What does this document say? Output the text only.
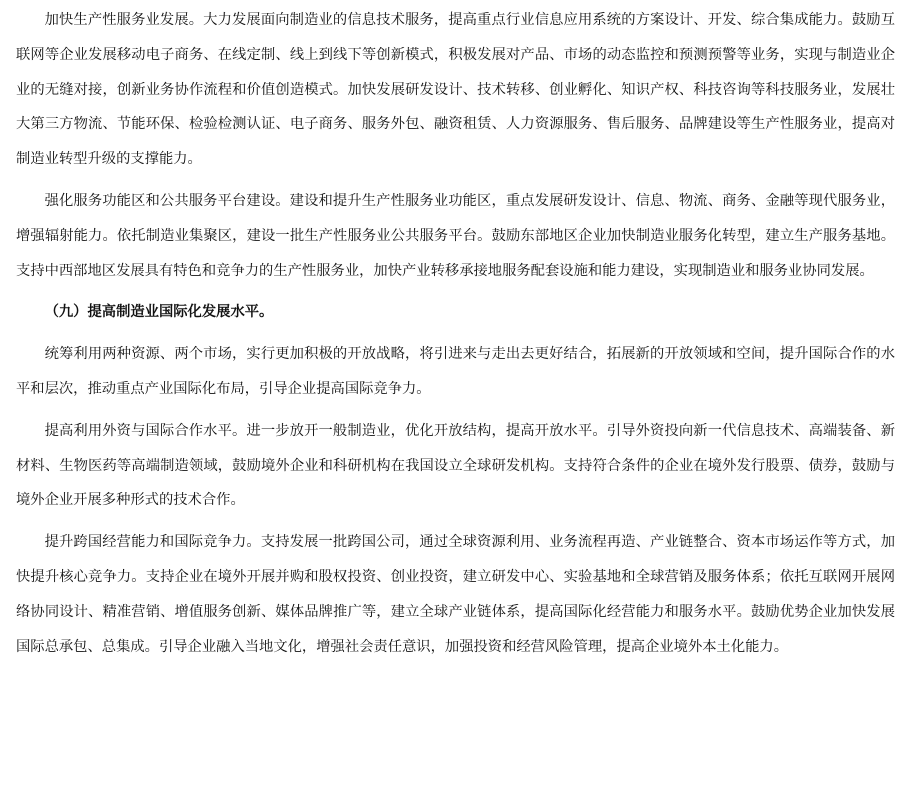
加快生产性服务业发展。大力发展面向制造业的信息技术服务，提高重点行业信息应用系统的方案设计、开发、综合集成能力。鼓励互联网等企业发展移动电子商务、在线定制、线上到线下等创新模式，积极发展对产品、市场的动态监控和预测预警等业务，实现与制造业企业的无缝对接，创新业务协作流程和价值创造模式。加快发展研发设计、技术转移、创业孵化、知识产权、科技咨询等科技服务业，发展壮大第三方物流、节能环保、检验检测认证、电子商务、服务外包、融资租赁、人力资源服务、售后服务、品牌建设等生产性服务业，提高对制造业转型升级的支撑能力。

强化服务功能区和公共服务平台建设。建设和提升生产性服务业功能区，重点发展研发设计、信息、物流、商务、金融等现代服务业，增强辐射能力。依托制造业集聚区，建设一批生产性服务业公共服务平台。鼓励东部地区企业加快制造业服务化转型，建立生产服务基地。支持中西部地区发展具有特色和竞争力的生产性服务业，加快产业转移承接地服务配套设施和能力建设，实现制造业和服务业协同发展。

（九）提高制造业国际化发展水平。

统筹利用两种资源、两个市场，实行更加积极的开放战略，将引进来与走出去更好结合，拓展新的开放领域和空间，提升国际合作的水平和层次，推动重点产业国际化布局，引导企业提高国际竞争力。

提高利用外资与国际合作水平。进一步放开一般制造业，优化开放结构，提高开放水平。引导外资投向新一代信息技术、高端装备、新材料、生物医药等高端制造领域，鼓励境外企业和科研机构在我国设立全球研发机构。支持符合条件的企业在境外发行股票、债券，鼓励与境外企业开展多种形式的技术合作。

提升跨国经营能力和国际竞争力。支持发展一批跨国公司，通过全球资源利用、业务流程再造、产业链整合、资本市场运作等方式，加快提升核心竞争力。支持企业在境外开展并购和股权投资、创业投资，建立研发中心、实验基地和全球营销及服务体系；依托互联网开展网络协同设计、精准营销、增值服务创新、媒体品牌推广等，建立全球产业链体系，提高国际化经营能力和服务水平。鼓励优势企业加快发展国际总承包、总集成。引导企业融入当地文化，增强社会责任意识，加强投资和经营风险管理，提高企业境外本土化能力。
